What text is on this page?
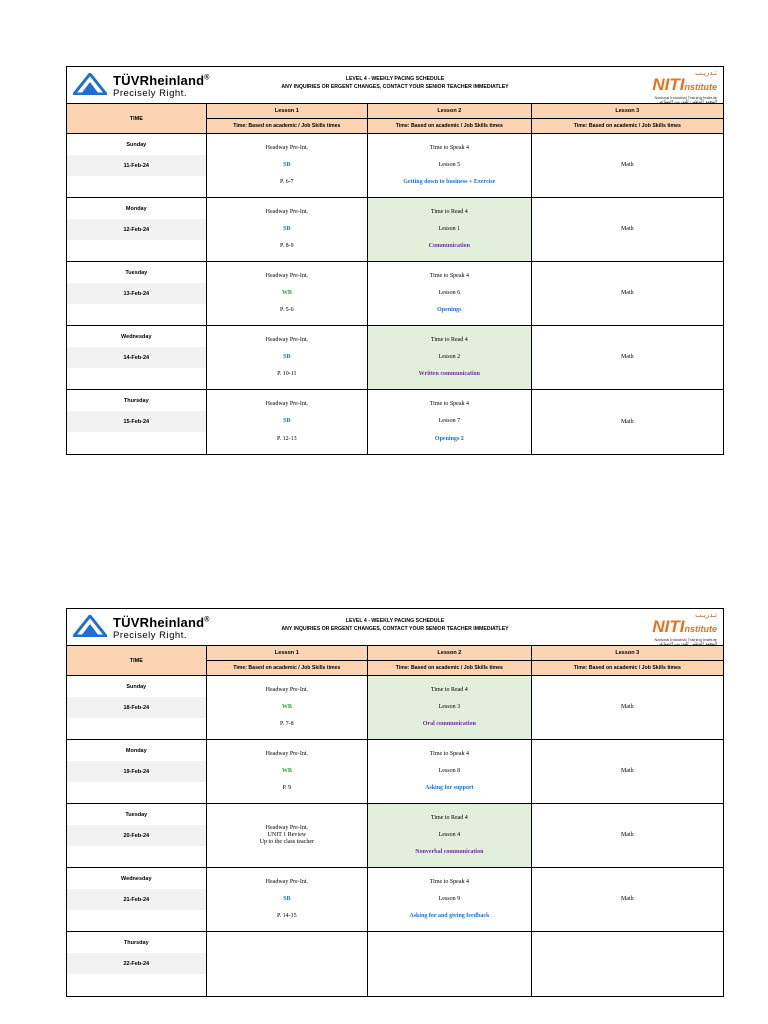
TÜVRheinland®
Precisely Right.
LEVEL 4 - WEEKLY PACING SCHEDULE
ANY INQUIRIES OR ERGENT CHANGES, CONTACT YOUR SENIOR TEACHER IMMEDIATLEY
تـدريـب
NITInstitute
National Industrial Training Institute
المعهد الوطني للتدريب الصناعي
TIME
Lesson 1
Time: Based on academic / Job Skills times
Lesson 2
Time: Based on academic / Job Skills times
Lesson 3
Time: Based on academic / Job Skills times
Sunday
11-Feb-24
Headway Pre-Int.
SB
P. 6-7
Time to Speak 4
Lesson 5
Getting down to business + Exercise
Math
Monday
12-Feb-24
Headway Pre-Int.
SB
P. 8-9
Time to Read 4
Lesson 1
Communication
Math
Tuesday
13-Feb-24
Headway Pre-Int.
WB
P. 5-6
Time to Speak 4
Lesson 6
Openings
Math
Wednesday
14-Feb-24
Headway Pre-Int.
SB
P. 10-11
Time to Read 4
Lesson 2
Written communication
Math
Thursday
15-Feb-24
Headway Pre-Int.
SB
P. 12-13
Time to Speak 4
Lesson 7
Openings 2
Math
TÜVRheinland®
Precisely Right.
LEVEL 4 - WEEKLY PACING SCHEDULE
ANY INQUIRIES OR ERGENT CHANGES, CONTACT YOUR SENIOR TEACHER IMMEDIATLEY
تـدريـب
NITInstitute
National Industrial Training Institute
المعهد الوطني للتدريب الصناعي
TIME
Lesson 1
Time: Based on academic / Job Skills times
Lesson 2
Time: Based on academic / Job Skills times
Lesson 3
Time: Based on academic / Job Skills times
Sunday
18-Feb-24
Headway Pre-Int.
WB
P. 7-8
Time to Read 4
Lesson 3
Oral communication
Math
Monday
19-Feb-24
Headway Pre-Int.
WB
P. 9
Time to Speak 4
Lesson 8
Asking for support
Math
Tuesday
20-Feb-24
Headway Pre-Int.
UNIT 1 Review
Up to the class teacher
Time to Read 4
Lesson 4
Nonverbal communication
Math
Wednesday
21-Feb-24
Headway Pre-Int.
SB
P. 14-15
Time to Speak 4
Lesson 9
Asking for and giving feedback
Math
Thursday
22-Feb-24
